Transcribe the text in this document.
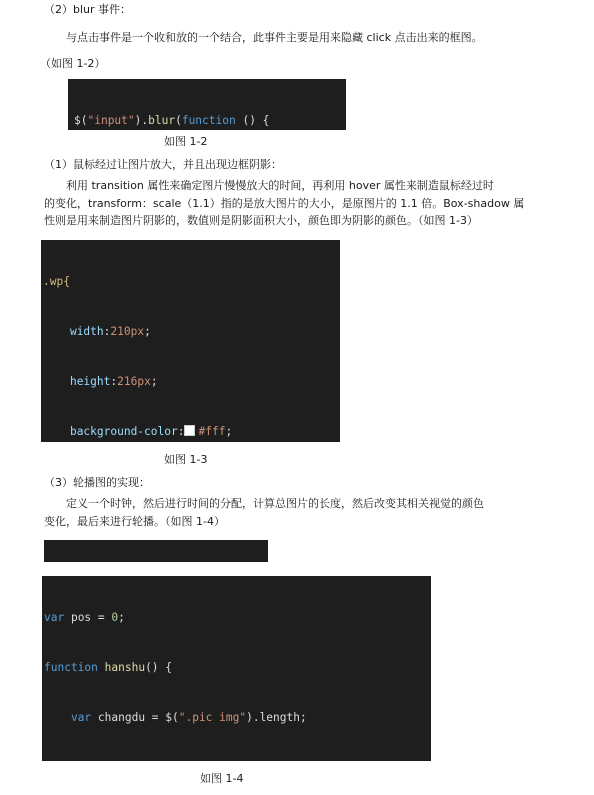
（2）blur 事件：
与点击事件是一个收和放的一个结合，此事件主要是用来隐藏 click 点击出来的框图。
（如图 1-2）

$("input").blur(function () {

如图 1-2
（1）鼠标经过让图片放大，并且出现边框阴影：
利用 transition 属性来确定图片慢慢放大的时间，再利用 hover 属性来制造鼠标经过时
的变化，transform：scale（1.1）指的是放大图片的大小，是原图片的 1.1 倍。Box-shadow 属
性则是用来制造图片阴影的，数值则是阴影面积大小，颜色即为阴影的颜色。（如图 1-3）

.wp{

width:210px;

height:216px;

background-color: #fff;

如图 1-3
（3）轮播图的实现：
定义一个时钟，然后进行时间的分配，计算总图片的长度，然后改变其相关视觉的颜色
变化，最后来进行轮播。（如图 1-4）

var pos = 0;

function hanshu() {

var changdu = $(".pic img").length;

如图 1-4
